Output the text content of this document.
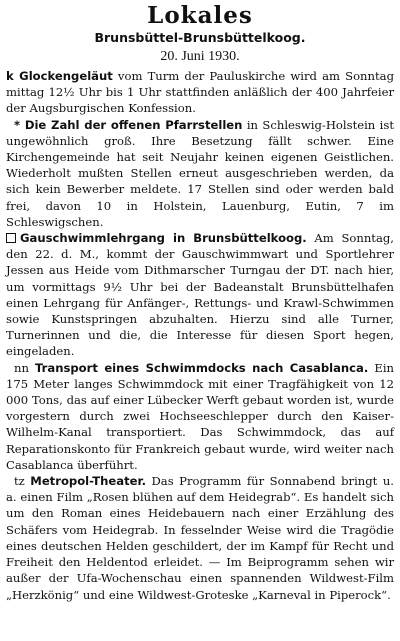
Lokales
Brunsbüttel-Brunsbüttelkoog.
20. Juni 1930.

k Glockengeläut vom Turm der Pauluskirche wird am Sonntag mittag 12½ Uhr bis 1 Uhr stattfinden anläßlich der 400 Jahrfeier der Augsburgischen Konfession.

* Die Zahl der offenen Pfarrstellen in Schleswig-Holstein ist ungewöhnlich groß. Ihre Besetzung fällt schwer. Eine Kirchengemeinde hat seit Neujahr keinen eigenen Geistlichen. Wiederholt mußten Stellen erneut ausgeschrieben werden, da sich kein Bewerber meldete. 17 Stellen sind oder werden bald frei, davon 10 in Holstein, Lauenburg, Eutin, 7 im Schleswigschen.

Gauschwimmlehrgang in Brunsbüttelkoog. Am Sonntag, den 22. d. M., kommt der Gauschwimmwart und Sportlehrer Jessen aus Heide vom Dithmarscher Turngau der DT. nach hier, um vormittags 9½ Uhr bei der Badeanstalt Brunsbüttelhafen einen Lehrgang für Anfänger-, Rettungs- und Krawl-Schwimmen sowie Kunstspringen abzuhalten. Hierzu sind alle Turner, Turnerinnen und die, die Interesse für diesen Sport hegen, eingeladen.

nn Transport eines Schwimmdocks nach Casablanca. Ein 175 Meter langes Schwimmdock mit einer Tragfähigkeit von 12 000 Tons, das auf einer Lübecker Werft gebaut worden ist, wurde vorgestern durch zwei Hochseeschlepper durch den Kaiser-Wilhelm-Kanal transportiert. Das Schwimmdock, das auf Reparationskonto für Frankreich gebaut wurde, wird weiter nach Casablanca überführt.

tz Metropol-Theater. Das Programm für Sonnabend bringt u. a. einen Film „Rosen blühen auf dem Heidegrab“. Es handelt sich um den Roman eines Heidebauern nach einer Erzählung des Schäfers vom Heidegrab. In fesselnder Weise wird die Tragödie eines deutschen Helden geschildert, der im Kampf für Recht und Freiheit den Heldentod erleidet. — Im Beiprogramm sehen wir außer der Ufa-Wochenschau einen spannenden Wildwest-Film „Herzkönig“ und eine Wildwest-Groteske „Karneval in Piperock“.
